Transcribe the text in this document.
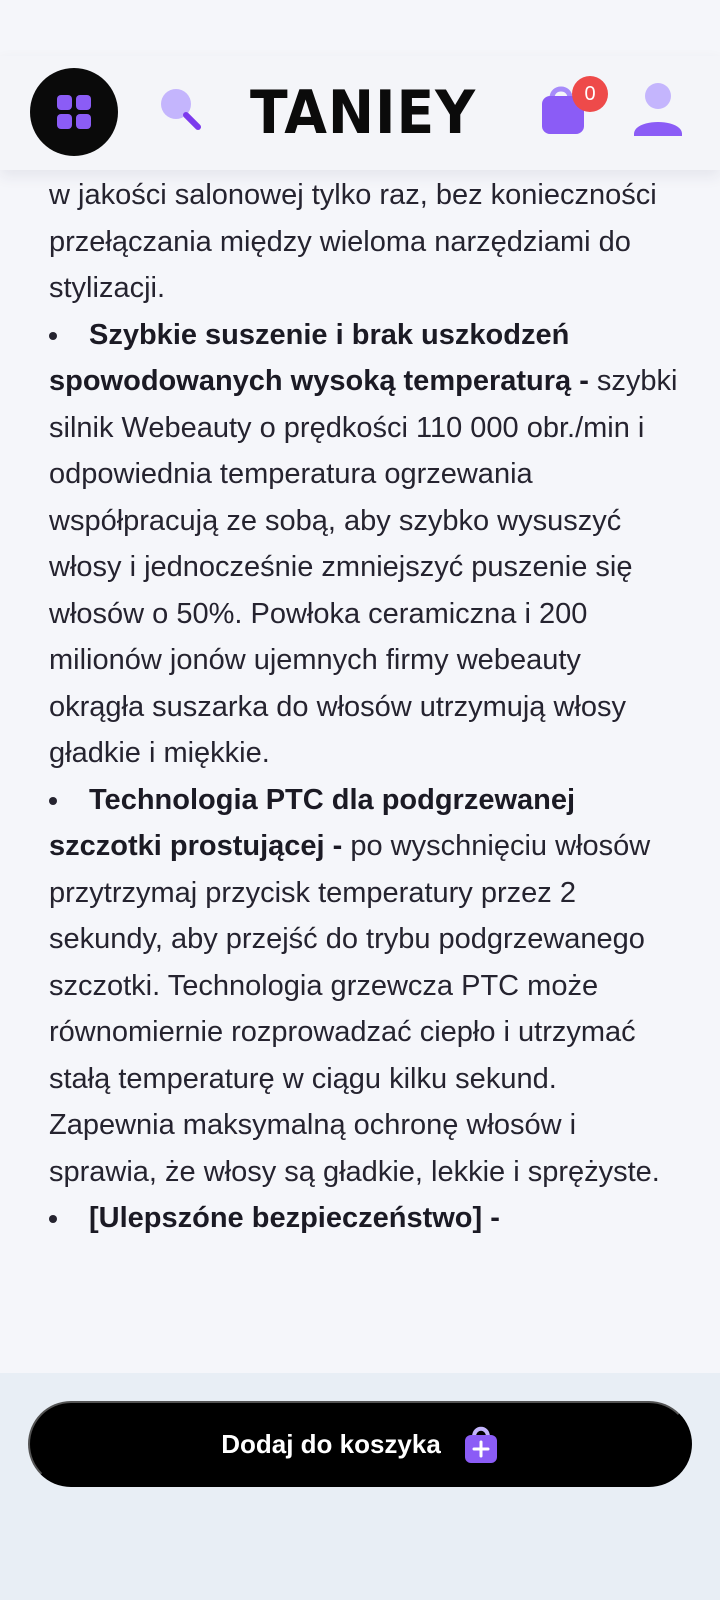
TANIEY	0
w jakości salonowej tylko raz, bez konieczności przełączania między wieloma narzędziami do stylizacji.
Szybkie suszenie i brak uszkodzeń spowodowanych wysoką temperaturą - szybki silnik Webeauty o prędkości 110 000 obr./min i odpowiednia temperatura ogrzewania współpracują ze sobą, aby szybko wysuszyć włosy i jednocześnie zmniejszyć puszenie się włosów o 50%. Powłoka ceramiczna i 200 milionów jonów ujemnych firmy webeauty okrągła suszarka do włosów utrzymują włosy gładkie i miękkie.
Technologia PTC dla podgrzewanej szczotki prostującej - po wyschnięciu włosów przytrzymaj przycisk temperatury przez 2 sekundy, aby przejść do trybu podgrzewanego szczotki. Technologia grzewcza PTC może równomiernie rozprowadzać ciepło i utrzymać stałą temperaturę w ciągu kilku sekund. Zapewnia maksymalną ochronę włosów i sprawia, że włosy są gładkie, lekkie i sprężyste.
[Ulepszóne bezpieczeństwo] -
Dodaj do koszyka
